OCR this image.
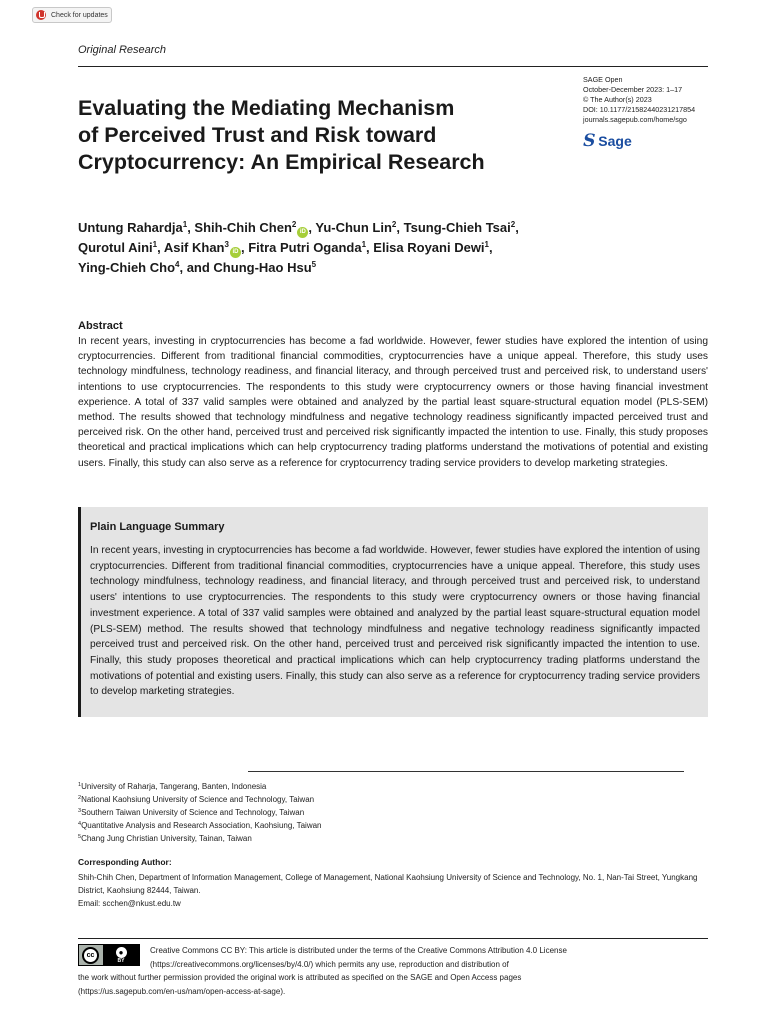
Check for updates
Original Research
SAGE Open
October-December 2023: 1–17
© The Author(s) 2023
DOI: 10.1177/21582440231217854
journals.sagepub.com/home/sgo
S Sage
Evaluating the Mediating Mechanism
of Perceived Trust and Risk toward
Cryptocurrency: An Empirical Research
Untung Rahardja$^1$, Shih-Chih Chen$^2$iD , Yu-Chun Lin$^2$, Tsung-Chieh Tsai$^2$,
Qurotul Aini$^1$, Asif Khan$^3$iD , Fitra Putri Oganda$^1$, Elisa Royani Dewi$^1$,
Ying-Chieh Cho$^4$, and Chung-Hao Hsu$^5$
Abstract

In recent years, investing in cryptocurrencies has become a fad worldwide. However, fewer studies have explored the intention of using cryptocurrencies. Different from traditional financial commodities, cryptocurrencies have a unique appeal. Therefore, this study uses technology mindfulness, technology readiness, and financial literacy, and through perceived trust and perceived risk, to understand users' intentions to use cryptocurrencies. The respondents to this study were cryptocurrency owners or those having financial investment experience. A total of 337 valid samples were obtained and analyzed by the partial least square-structural equation model (PLS-SEM) method. The results showed that technology mindfulness and negative technology readiness significantly impacted perceived trust and perceived risk. On the other hand, perceived trust and perceived risk significantly impacted the intention to use. Finally, this study proposes theoretical and practical implications which can help cryptocurrency trading platforms understand the motivations of potential and existing users. Finally, this study can also serve as a reference for cryptocurrency trading service providers to develop marketing strategies.

Plain Language Summary

In recent years, investing in cryptocurrencies has become a fad worldwide. However, fewer studies have explored the intention of using cryptocurrencies. Different from traditional financial commodities, cryptocurrencies have a unique appeal. Therefore, this study uses technology mindfulness, technology readiness, and financial literacy, and through perceived trust and perceived risk, to understand users' intentions to use cryptocurrencies. The respondents to this study were cryptocurrency owners or those having financial investment experience. A total of 337 valid samples were obtained and analyzed by the partial least square-structural equation model (PLS-SEM) method. The results showed that technology mindfulness and negative technology readiness significantly impacted perceived trust and perceived risk. On the other hand, perceived trust and perceived risk significantly impacted the intention to use. Finally, this study proposes theoretical and practical implications which can help cryptocurrency trading platforms understand the motivations of potential and existing users. Finally, this study can also serve as a reference for cryptocurrency trading service providers to develop marketing strategies.

$^1$University of Raharja, Tangerang, Banten, Indonesia
$^2$National Kaohsiung University of Science and Technology, Taiwan
$^3$Southern Taiwan University of Science and Technology, Taiwan
$^4$Quantitative Analysis and Research Association, Kaohsiung, Taiwan
$^5$Chang Jung Christian University, Tainan, Taiwan
Corresponding Author:
Shih-Chih Chen, Department of Information Management, College of Management, National Kaohsiung University of Science and Technology, No. 1, Nan-Tai Street, Yungkang District, Kaohsiung 82444, Taiwan.
Email: scchen@nkust.edu.tw
Creative Commons CC BY: This article is distributed under the terms of the Creative Commons Attribution 4.0 License
(https://creativecommons.org/licenses/by/4.0/) which permits any use, reproduction and distribution of
the work without further permission provided the original work is attributed as specified on the SAGE and Open Access pages
(https://us.sagepub.com/en-us/nam/open-access-at-sage).
cc	●
BY
